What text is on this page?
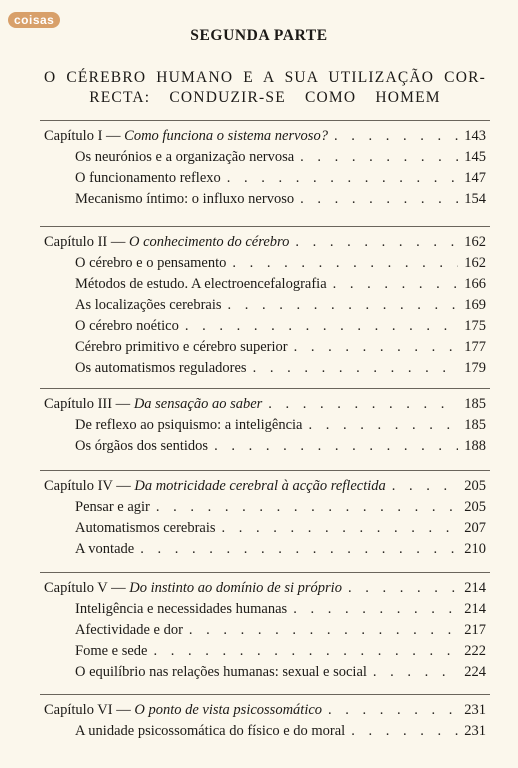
coisas
SEGUNDA PARTE
O CÉREBRO HUMANO E A SUA UTILIZAÇÃO COR-
RECTA: CONDUZIR-SE COMO HOMEM
Capítulo I — Como funciona o sistema nervoso? . . .	143
Os neurónios e a organização nervosa . . .	145
O funcionamento reflexo . . .	147
Mecanismo íntimo: o influxo nervoso . . .	154
Capítulo II — O conhecimento do cérebro . . .	162
O cérebro e o pensamento . . .	162
Métodos de estudo. A electroencefalografia . . .	166
As localizações cerebrais . . .	169
O cérebro noético . . .	175
Cérebro primitivo e cérebro superior . . .	177
Os automatismos reguladores . . .	179
Capítulo III — Da sensação ao saber . . .	185
De reflexo ao psiquismo: a inteligência . . .	185
Os órgãos dos sentidos . . .	188
Capítulo IV — Da motricidade cerebral à acção reflectida . . .	205
Pensar e agir . . .	205
Automatismos cerebrais . . .	207
A vontade . . .	210
Capítulo V — Do instinto ao domínio de si próprio . . .	214
Inteligência e necessidades humanas . . .	214
Afectividade e dor . . .	217
Fome e sede . . .	222
O equilíbrio nas relações humanas: sexual e social . . .	224
Capítulo VI — O ponto de vista psicossomático . . .	231
A unidade psicossomática do físico e do moral . . .	231
